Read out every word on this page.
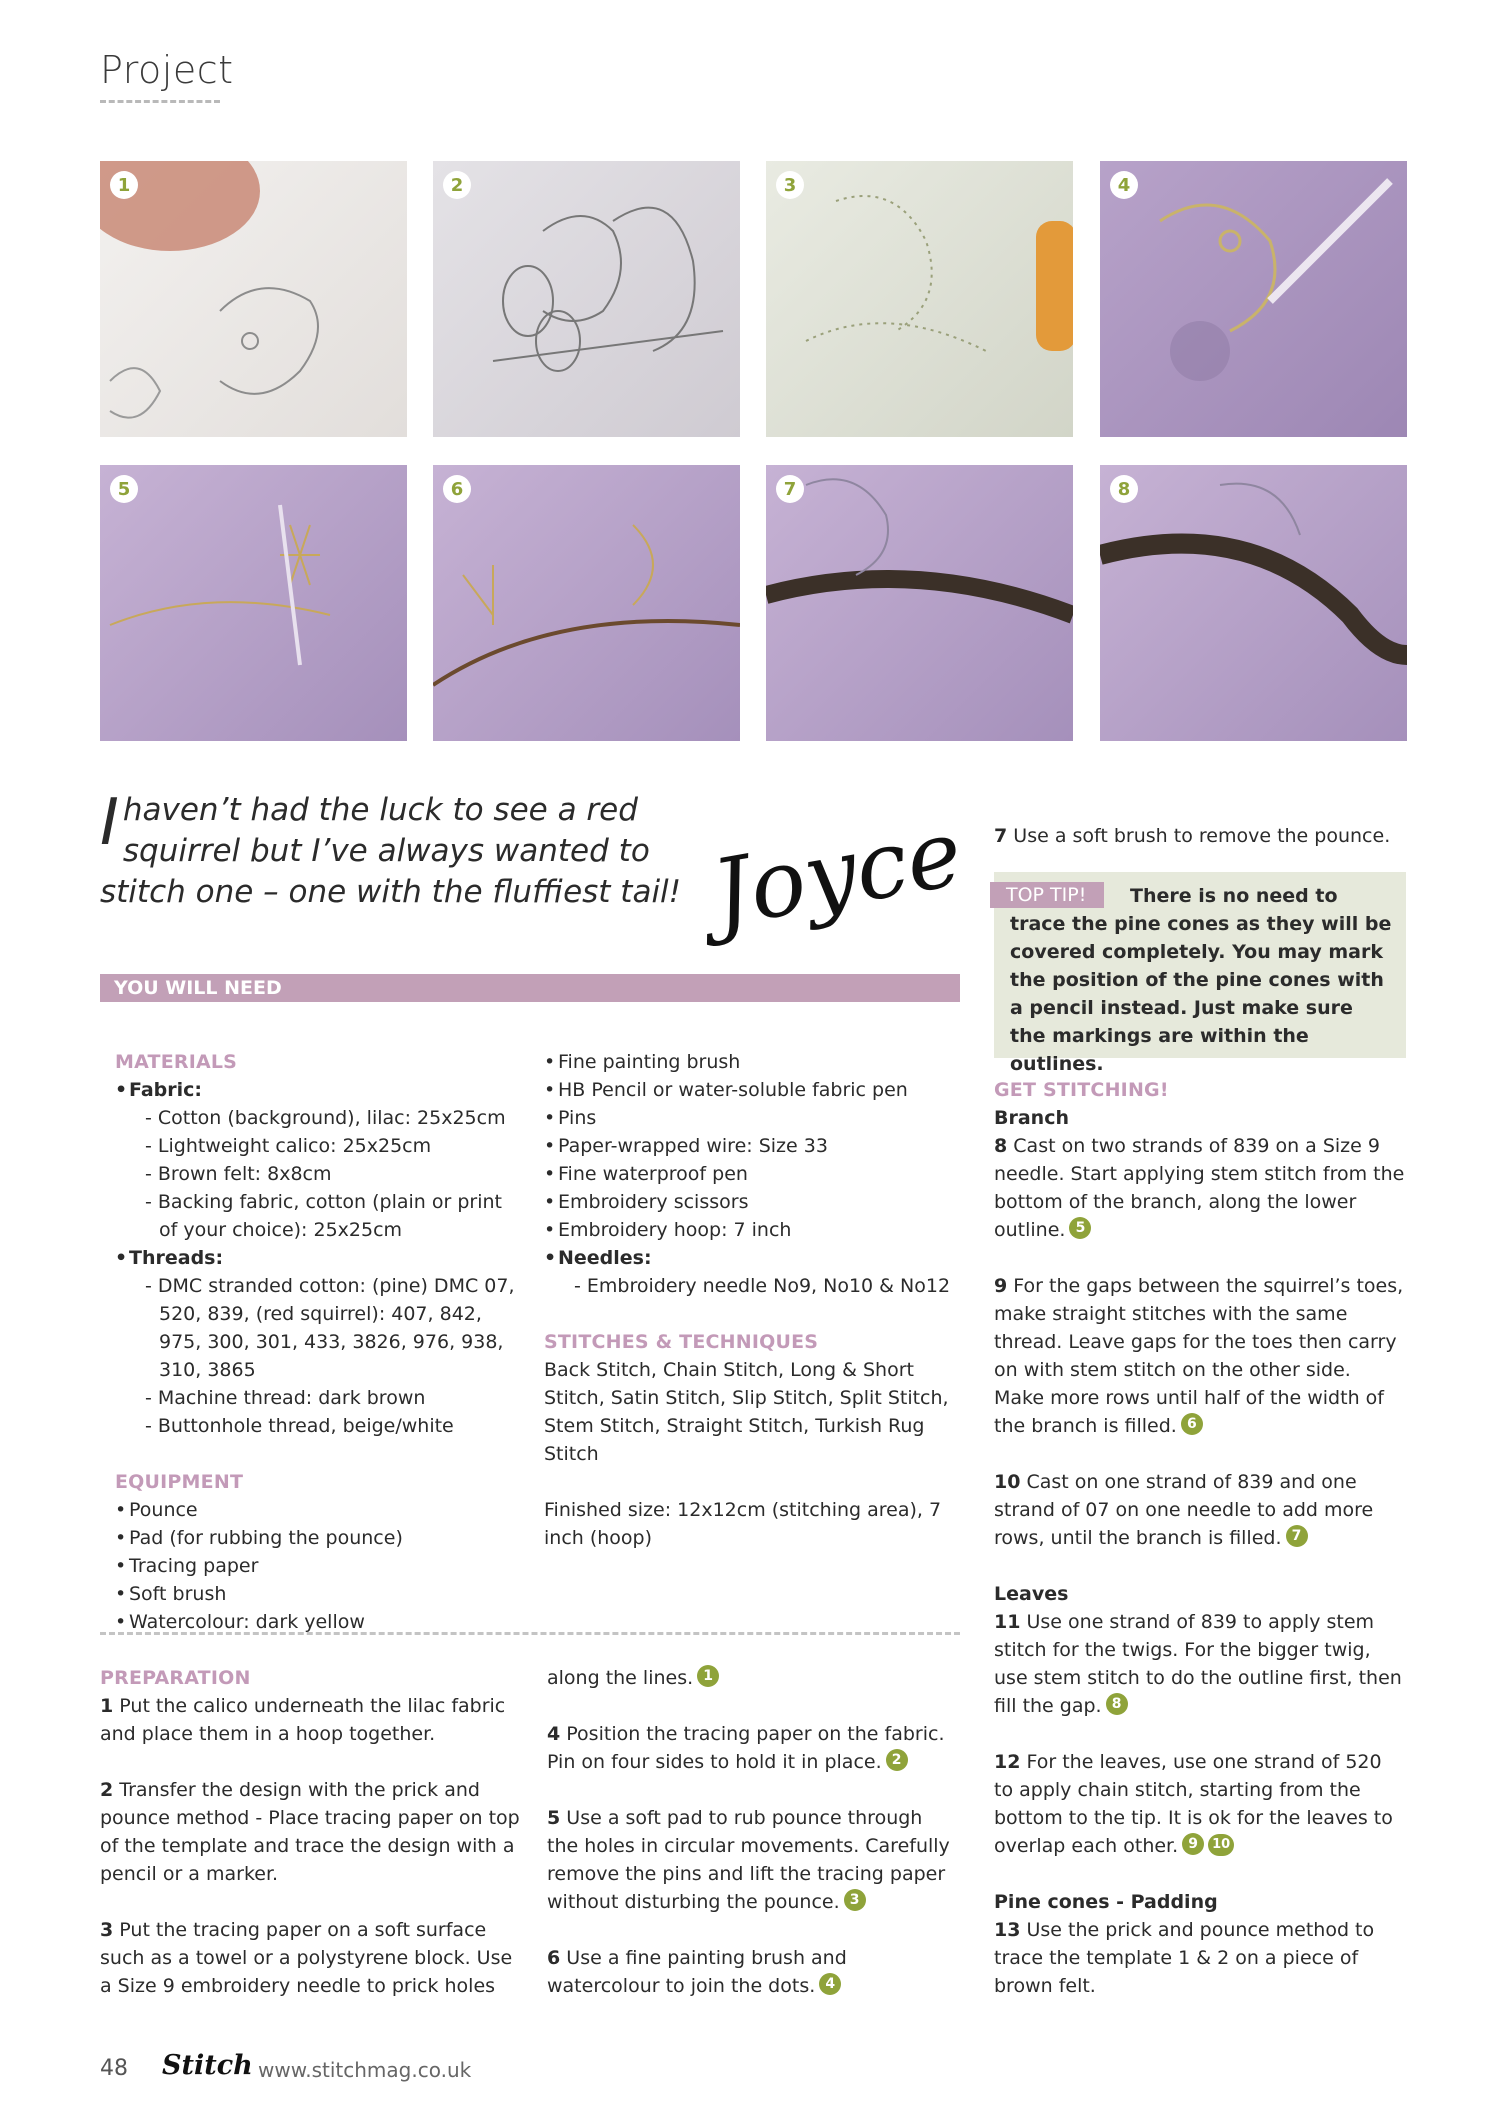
Project
1	2	3	4
5	6	7	8
Ihaven’t had the luck to see a red squirrel but I’ve always wanted to stitch one – one with the fluffiest tail! Joyce
YOU WILL NEED
MATERIALS
• Fabric:
- Cotton (background), lilac: 25x25cm
- Lightweight calico: 25x25cm
- Brown felt: 8x8cm
- Backing fabric, cotton (plain or print of your choice): 25x25cm
• Threads:
- DMC stranded cotton: (pine) DMC 07, 520, 839, (red squirrel): 407, 842, 975, 300, 301, 433, 3826, 976, 938, 310, 3865
- Machine thread: dark brown
- Buttonhole thread, beige/white
EQUIPMENT
• Pounce
• Pad (for rubbing the pounce)
• Tracing paper
• Soft brush
• Watercolour: dark yellow
• Fine painting brush
• HB Pencil or water-soluble fabric pen
• Pins
• Paper-wrapped wire: Size 33
• Fine waterproof pen
• Embroidery scissors
• Embroidery hoop: 7 inch
• Needles:
- Embroidery needle No9, No10 & No12
STITCHES & TECHNIQUES
Back Stitch, Chain Stitch, Long & Short Stitch, Satin Stitch, Slip Stitch, Split Stitch, Stem Stitch, Straight Stitch, Turkish Rug Stitch
Finished size: 12x12cm (stitching area), 7 inch (hoop)
PREPARATION

1 Put the calico underneath the lilac fabric and place them in a hoop together.

2 Transfer the design with the prick and pounce method - Place tracing paper on top of the template and trace the design with a pencil or a marker.

3 Put the tracing paper on a soft surface such as a towel or a polystyrene block. Use a Size 9 embroidery needle to prick holes

along the lines. 1

4 Position the tracing paper on the fabric. Pin on four sides to hold it in place. 2

5 Use a soft pad to rub pounce through the holes in circular movements. Carefully remove the pins and lift the tracing paper without disturbing the pounce. 3

6 Use a fine painting brush and watercolour to join the dots. 4

7 Use a soft brush to remove the pounce.
TOP TIP!	There is no need to trace the pine cones as they will be covered completely. You may mark the position of the pine cones with a pencil instead. Just make sure the markings are within the outlines.
GET STITCHING!
Branch

8 Cast on two strands of 839 on a Size 9 needle. Start applying stem stitch from the bottom of the branch, along the lower outline. 5

9 For the gaps between the squirrel’s toes, make straight stitches with the same thread. Leave gaps for the toes then carry on with stem stitch on the other side. Make more rows until half of the width of the branch is filled. 6

10 Cast on one strand of 839 and one strand of 07 on one needle to add more rows, until the branch is filled. 7

Leaves

11 Use one strand of 839 to apply stem stitch for the twigs. For the bigger twig, use stem stitch to do the outline first, then fill the gap. 8

12 For the leaves, use one strand of 520 to apply chain stitch, starting from the bottom to the tip. It is ok for the leaves to overlap each other. 9 10

Pine cones - Padding

13 Use the prick and pounce method to trace the template 1 & 2 on a piece of brown felt.

48 Stitch www.stitchmag.co.uk
